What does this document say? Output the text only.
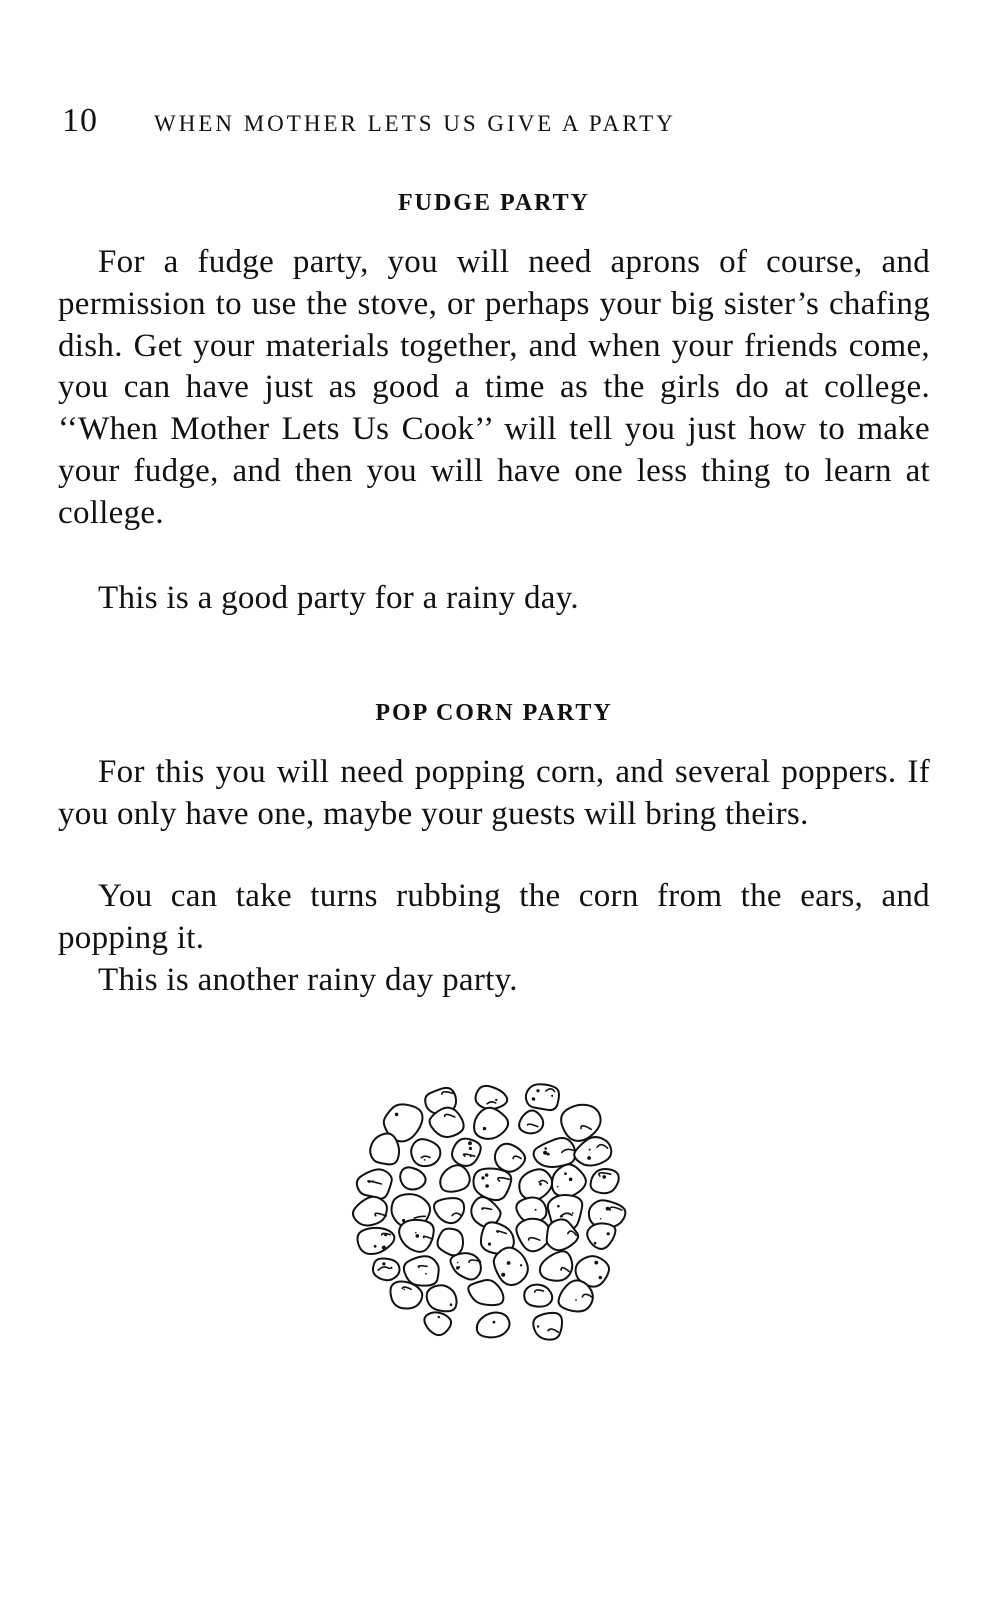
10 WHEN MOTHER LETS US GIVE A PARTY
FUDGE PARTY

For a fudge party, you will need aprons of course, and permission to use the stove, or perhaps your big sister’s chafing dish. Get your materials together, and when your friends come, you can have just as good a time as the girls do at college. ‘‘When Mother Lets Us Cook’’ will tell you just how to make your fudge, and then you will have one less thing to learn at college.

This is a good party for a rainy day.

POP CORN PARTY

For this you will need popping corn, and several poppers. If you only have one, maybe your guests will bring theirs.

You can take turns rubbing the corn from the ears, and popping it.

This is another rainy day party.
